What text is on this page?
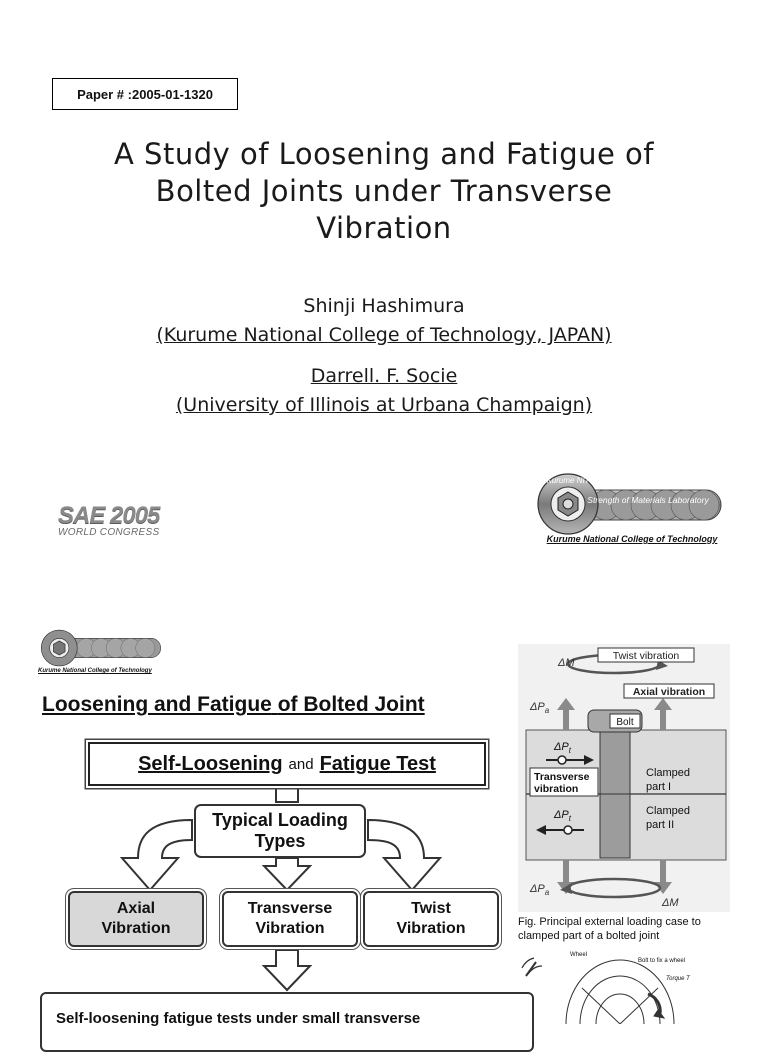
Paper # :2005-01-1320
A Study of Loosening and Fatigue of
Bolted Joints under Transverse
Vibration
Shinji Hashimura
(Kurume National College of Technology, JAPAN)
Darrell. F. Socie
(University of Illinois at Urbana Champaign)
SAE 2005
WORLD CONGRESS
Kurume NIT
Strength of Materials Laboratory
Kurume National College of Technology
Kurume National College of Technology
Loosening and Fatigue of Bolted Joint
Self-Loosening and Fatigue Test
Typical Loading
Types
Axial
Vibration
Transverse
Vibration
Twist
Vibration
Self-loosening fatigue tests under small transverse
Twist vibration
ΔM
Axial vibration
$\Delta P_a$
$\Delta P_a$
Bolt
$\Delta P_t$
Transverse
vibration
$\Delta P_t$
Clamped
part I
Clamped
part II
ΔM
Fig. Principal external loading case to clamped part of a bolted joint
Wheel
Bolt to fix a wheel
Torque T
